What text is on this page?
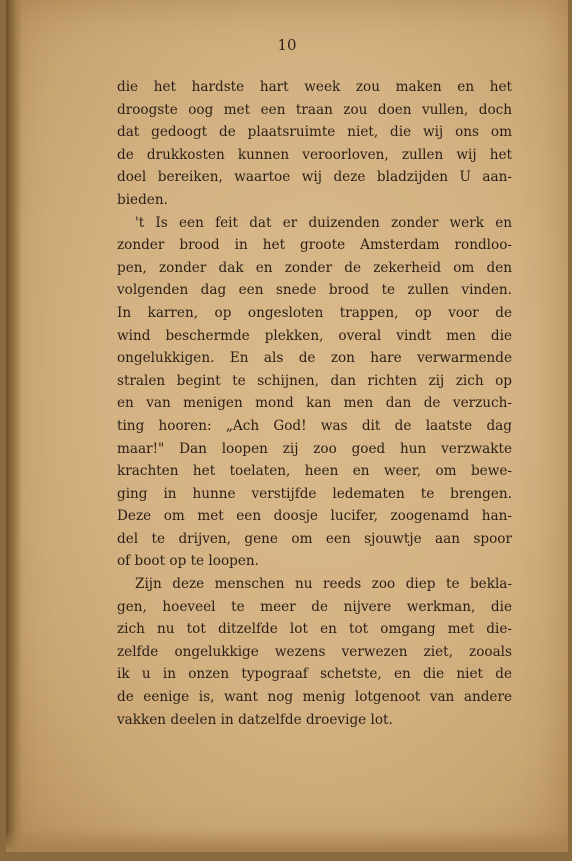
10

die het hardste hart week zou maken en het
droogste oog met een traan zou doen vullen, doch
dat gedoogt de plaatsruimte niet, die wij ons om
de drukkosten kunnen veroorloven, zullen wij het
doel bereiken, waartoe wij deze bladzijden U aan-
bieden.

't Is een feit dat er duizenden zonder werk en
zonder brood in het groote Amsterdam rondloo-
pen, zonder dak en zonder de zekerheid om den
volgenden dag een snede brood te zullen vinden.
In karren, op ongesloten trappen, op voor de
wind beschermde plekken, overal vindt men die
ongelukkigen. En als de zon hare verwarmende
stralen begint te schijnen, dan richten zij zich op
en van menigen mond kan men dan de verzuch-
ting hooren: „Ach God! was dit de laatste dag
maar!" Dan loopen zij zoo goed hun verzwakte
krachten het toelaten, heen en weer, om bewe-
ging in hunne verstijfde ledematen te brengen.
Deze om met een doosje lucifer, zoogenamd han-
del te drijven, gene om een sjouwtje aan spoor
of boot op te loopen.

Zijn deze menschen nu reeds zoo diep te bekla-
gen, hoeveel te meer de nijvere werkman, die
zich nu tot ditzelfde lot en tot omgang met die-
zelfde ongelukkige wezens verwezen ziet, zooals
ik u in onzen typograaf schetste, en die niet de
de eenige is, want nog menig lotgenoot van andere
vakken deelen in datzelfde droevige lot.
